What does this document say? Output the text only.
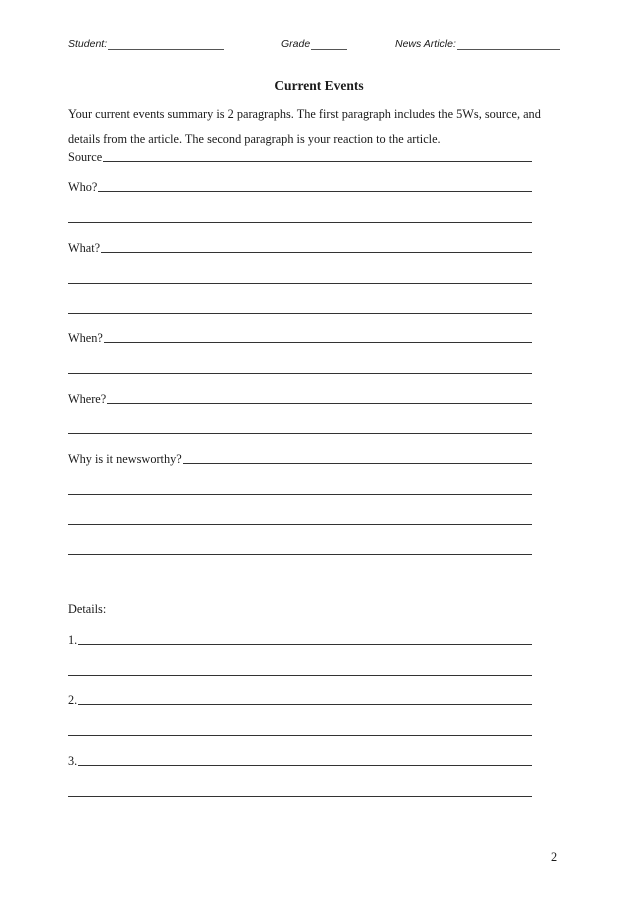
Student:	Grade	News Article:
Current Events
Your current events summary is 2 paragraphs. The first paragraph includes the 5Ws, source, and details from the article. The second paragraph is your reaction to the article.
Source
Who?
What?
When?
Where?
Why is it newsworthy?
Details:
1.
2.
3.
2
